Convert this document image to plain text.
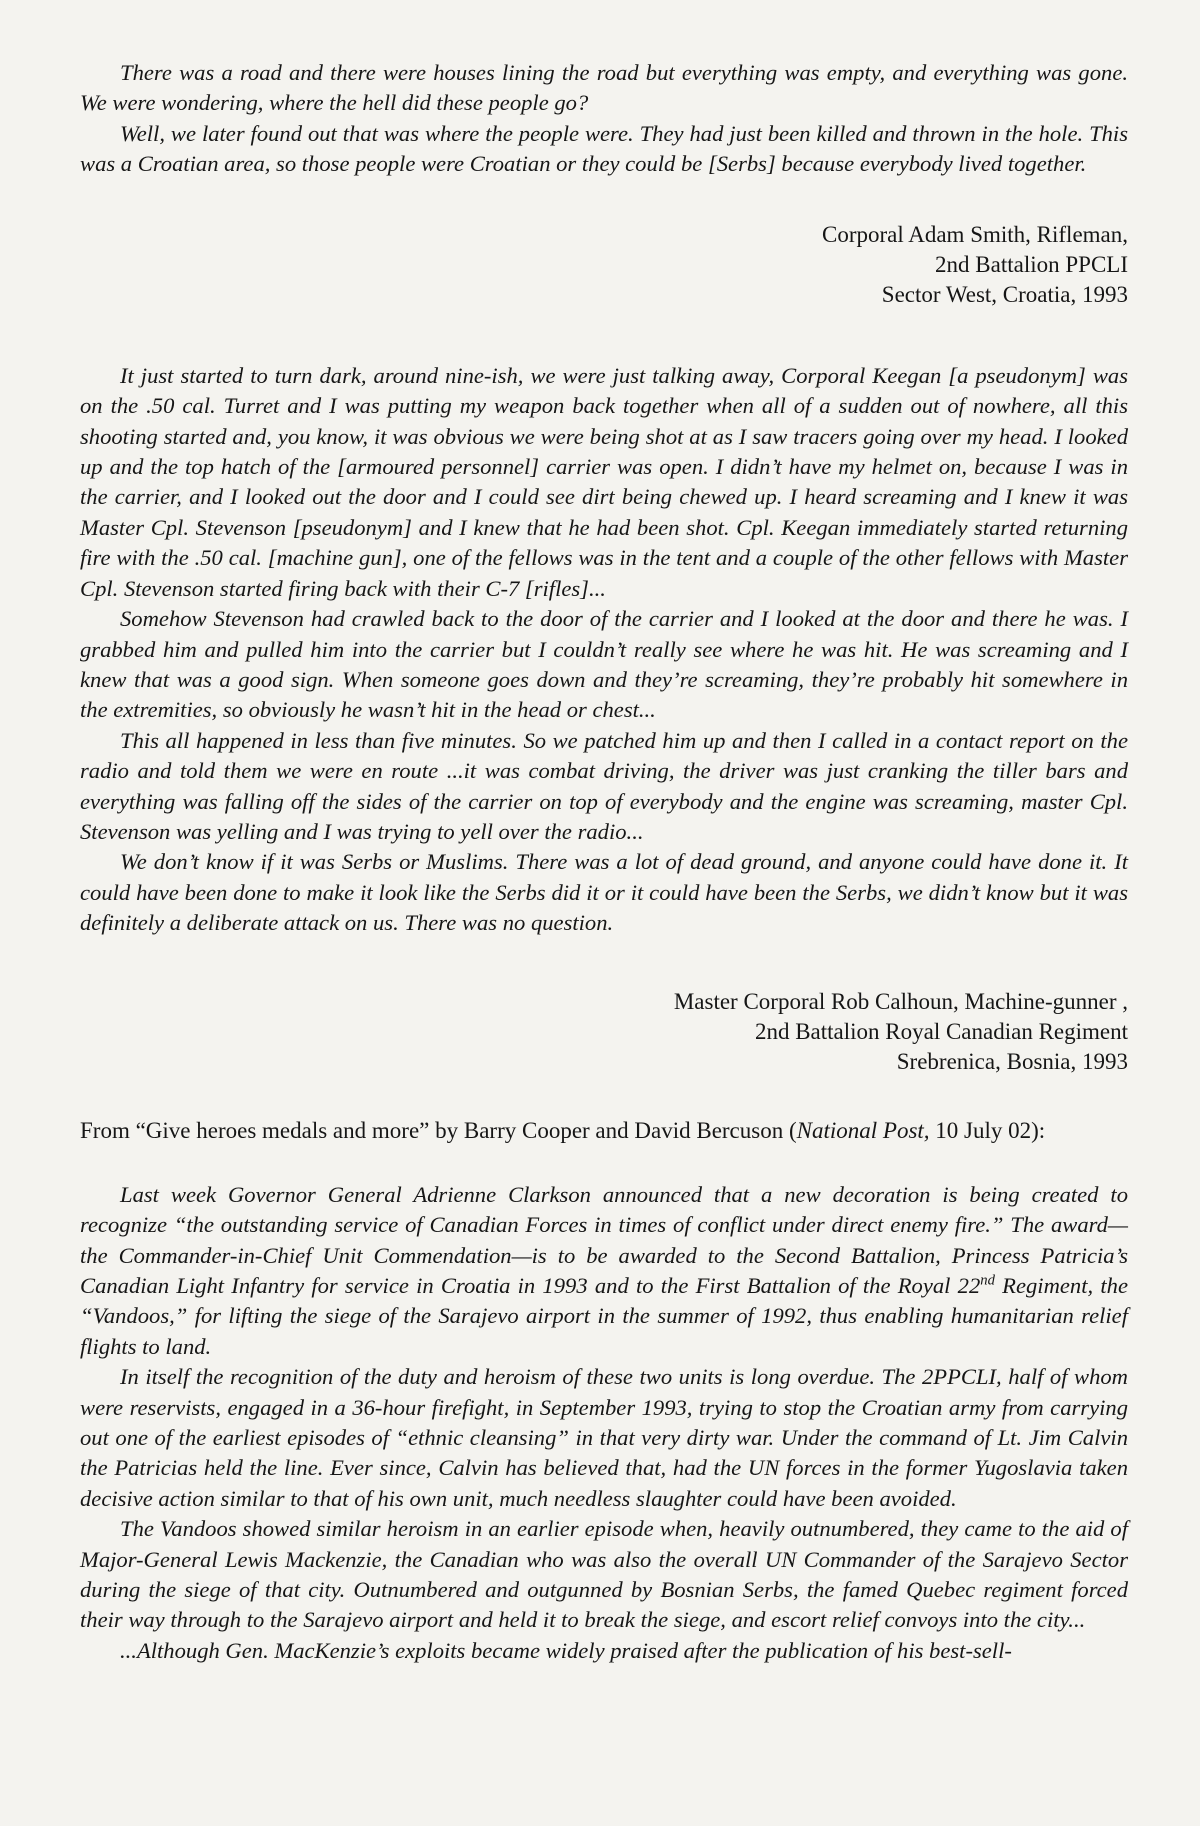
There was a road and there were houses lining the road but everything was empty, and everything was gone. We were wondering, where the hell did these people go?

Well, we later found out that was where the people were. They had just been killed and thrown in the hole. This was a Croatian area, so those people were Croatian or they could be [Serbs] because everybody lived together.

Corporal Adam Smith, Rifleman,
2nd Battalion PPCLI
Sector West, Croatia, 1993

It just started to turn dark, around nine-ish, we were just talking away, Corporal Keegan [a pseudonym] was on the .50 cal. Turret and I was putting my weapon back together when all of a sudden out of nowhere, all this shooting started and, you know, it was obvious we were being shot at as I saw tracers going over my head. I looked up and the top hatch of the [armoured personnel] carrier was open. I didn’t have my helmet on, because I was in the carrier, and I looked out the door and I could see dirt being chewed up. I heard screaming and I knew it was Master Cpl. Stevenson [pseudonym] and I knew that he had been shot. Cpl. Keegan immediately started returning fire with the .50 cal. [machine gun], one of the fellows was in the tent and a couple of the other fellows with Master Cpl. Stevenson started firing back with their C-7 [rifles]...

Somehow Stevenson had crawled back to the door of the carrier and I looked at the door and there he was. I grabbed him and pulled him into the carrier but I couldn’t really see where he was hit. He was screaming and I knew that was a good sign. When someone goes down and they’re screaming, they’re probably hit somewhere in the extremities, so obviously he wasn’t hit in the head or chest...

This all happened in less than five minutes. So we patched him up and then I called in a contact report on the radio and told them we were en route ...it was combat driving, the driver was just cranking the tiller bars and everything was falling off the sides of the carrier on top of everybody and the engine was screaming, master Cpl. Stevenson was yelling and I was trying to yell over the radio...

We don’t know if it was Serbs or Muslims. There was a lot of dead ground, and anyone could have done it. It could have been done to make it look like the Serbs did it or it could have been the Serbs, we didn’t know but it was definitely a deliberate attack on us. There was no question.

Master Corporal Rob Calhoun, Machine-gunner ,
2nd Battalion Royal Canadian Regiment
Srebrenica, Bosnia, 1993

From “Give heroes medals and more” by Barry Cooper and David Bercuson (National Post, 10 July 02):

Last week Governor General Adrienne Clarkson announced that a new decoration is being created to recognize “the outstanding service of Canadian Forces in times of conflict under direct enemy fire.” The award—the Commander-in-Chief Unit Commendation—is to be awarded to the Second Battalion, Princess Patricia’s Canadian Light Infantry for service in Croatia in 1993 and to the First Battalion of the Royal 22nd Regiment, the “Vandoos,” for lifting the siege of the Sarajevo airport in the summer of 1992, thus enabling humanitarian relief flights to land.

In itself the recognition of the duty and heroism of these two units is long overdue. The 2PPCLI, half of whom were reservists, engaged in a 36-hour firefight, in September 1993, trying to stop the Croatian army from carrying out one of the earliest episodes of “ethnic cleansing” in that very dirty war. Under the command of Lt. Jim Calvin the Patricias held the line. Ever since, Calvin has believed that, had the UN forces in the former Yugoslavia taken decisive action similar to that of his own unit, much needless slaughter could have been avoided.

The Vandoos showed similar heroism in an earlier episode when, heavily outnumbered, they came to the aid of Major-General Lewis Mackenzie, the Canadian who was also the overall UN Commander of the Sarajevo Sector during the siege of that city. Outnumbered and outgunned by Bosnian Serbs, the famed Quebec regiment forced their way through to the Sarajevo airport and held it to break the siege, and escort relief convoys into the city...

...Although Gen. MacKenzie’s exploits became widely praised after the publication of his best-sell-
